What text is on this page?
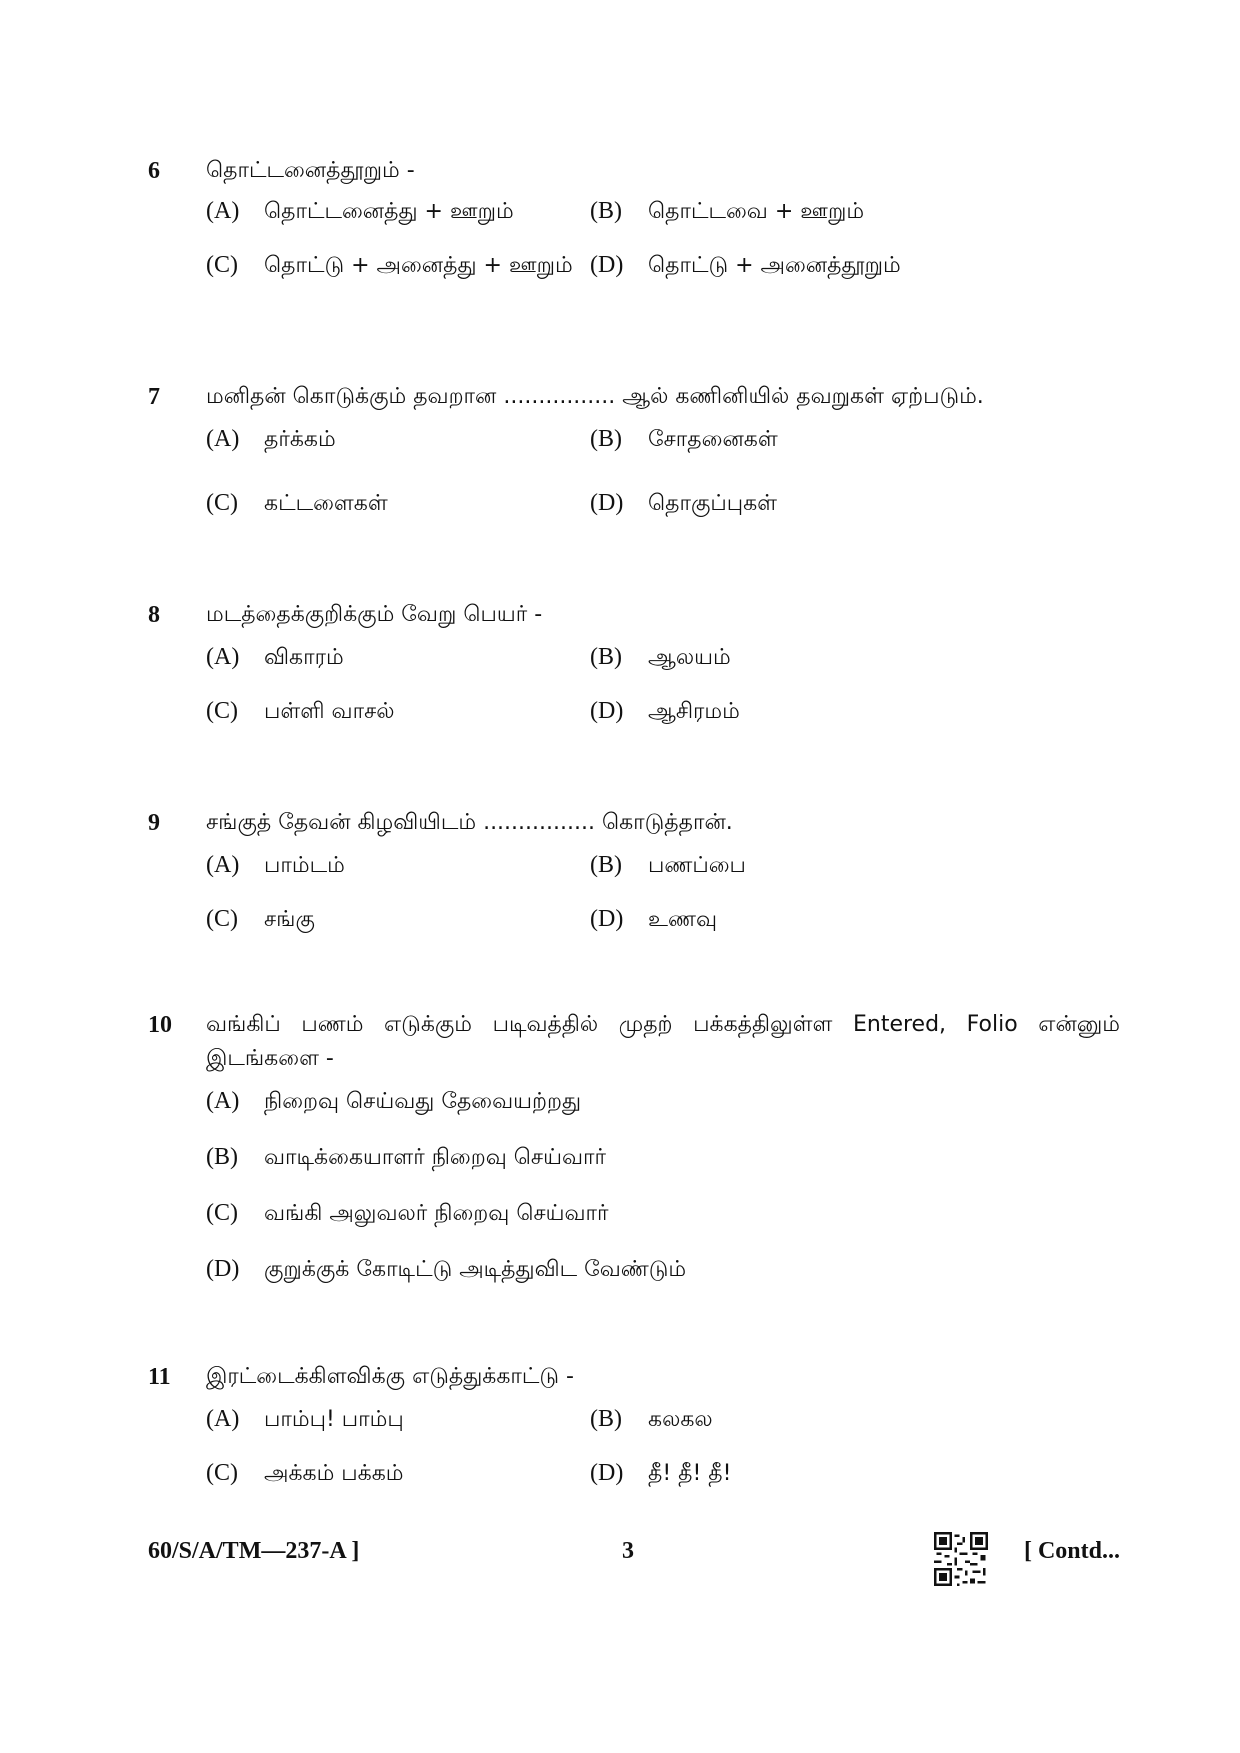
6	தொட்டனைத்தூறும் -
(A)	தொட்டனைத்து + ஊறும்	(B)	தொட்டவை + ஊறும்
(C)	தொட்டு + அனைத்து + ஊறும் (D)	தொட்டு + அனைத்தூறும்
7	மனிதன் கொடுக்கும் தவறான ................ ஆல் கணினியில் தவறுகள் ஏற்படும்.
(A)	தர்க்கம்	(B)	சோதனைகள்
(C)	கட்டளைகள்	(D)	தொகுப்புகள்
8	மடத்தைக்குறிக்கும் வேறு பெயர் -
(A)	விகாரம்	(B)	ஆலயம்
(C)	பள்ளி வாசல்	(D)	ஆசிரமம்
9	சங்குத் தேவன் கிழவியிடம் ................ கொடுத்தான்.
(A)	பாம்டம்	(B)	பணப்பை
(C)	சங்கு	(D)	உணவு
10	வங்கிப் பணம் எடுக்கும் படிவத்தில் முதற் பக்கத்திலுள்ள Entered, Folio என்னும் இடங்களை -
(A)	நிறைவு செய்வது தேவையற்றது
(B)	வாடிக்கையாளர் நிறைவு செய்வார்
(C)	வங்கி அலுவலர் நிறைவு செய்வார்
(D)	குறுக்குக் கோடிட்டு அடித்துவிட வேண்டும்
11	இரட்டைக்கிளவிக்கு எடுத்துக்காட்டு -
(A)	பாம்பு! பாம்பு	(B)	கலகல
(C)	அக்கம் பக்கம்	(D)	தீ! தீ! தீ!
60/S/A/TM—237-A ]	3	[ Contd...
